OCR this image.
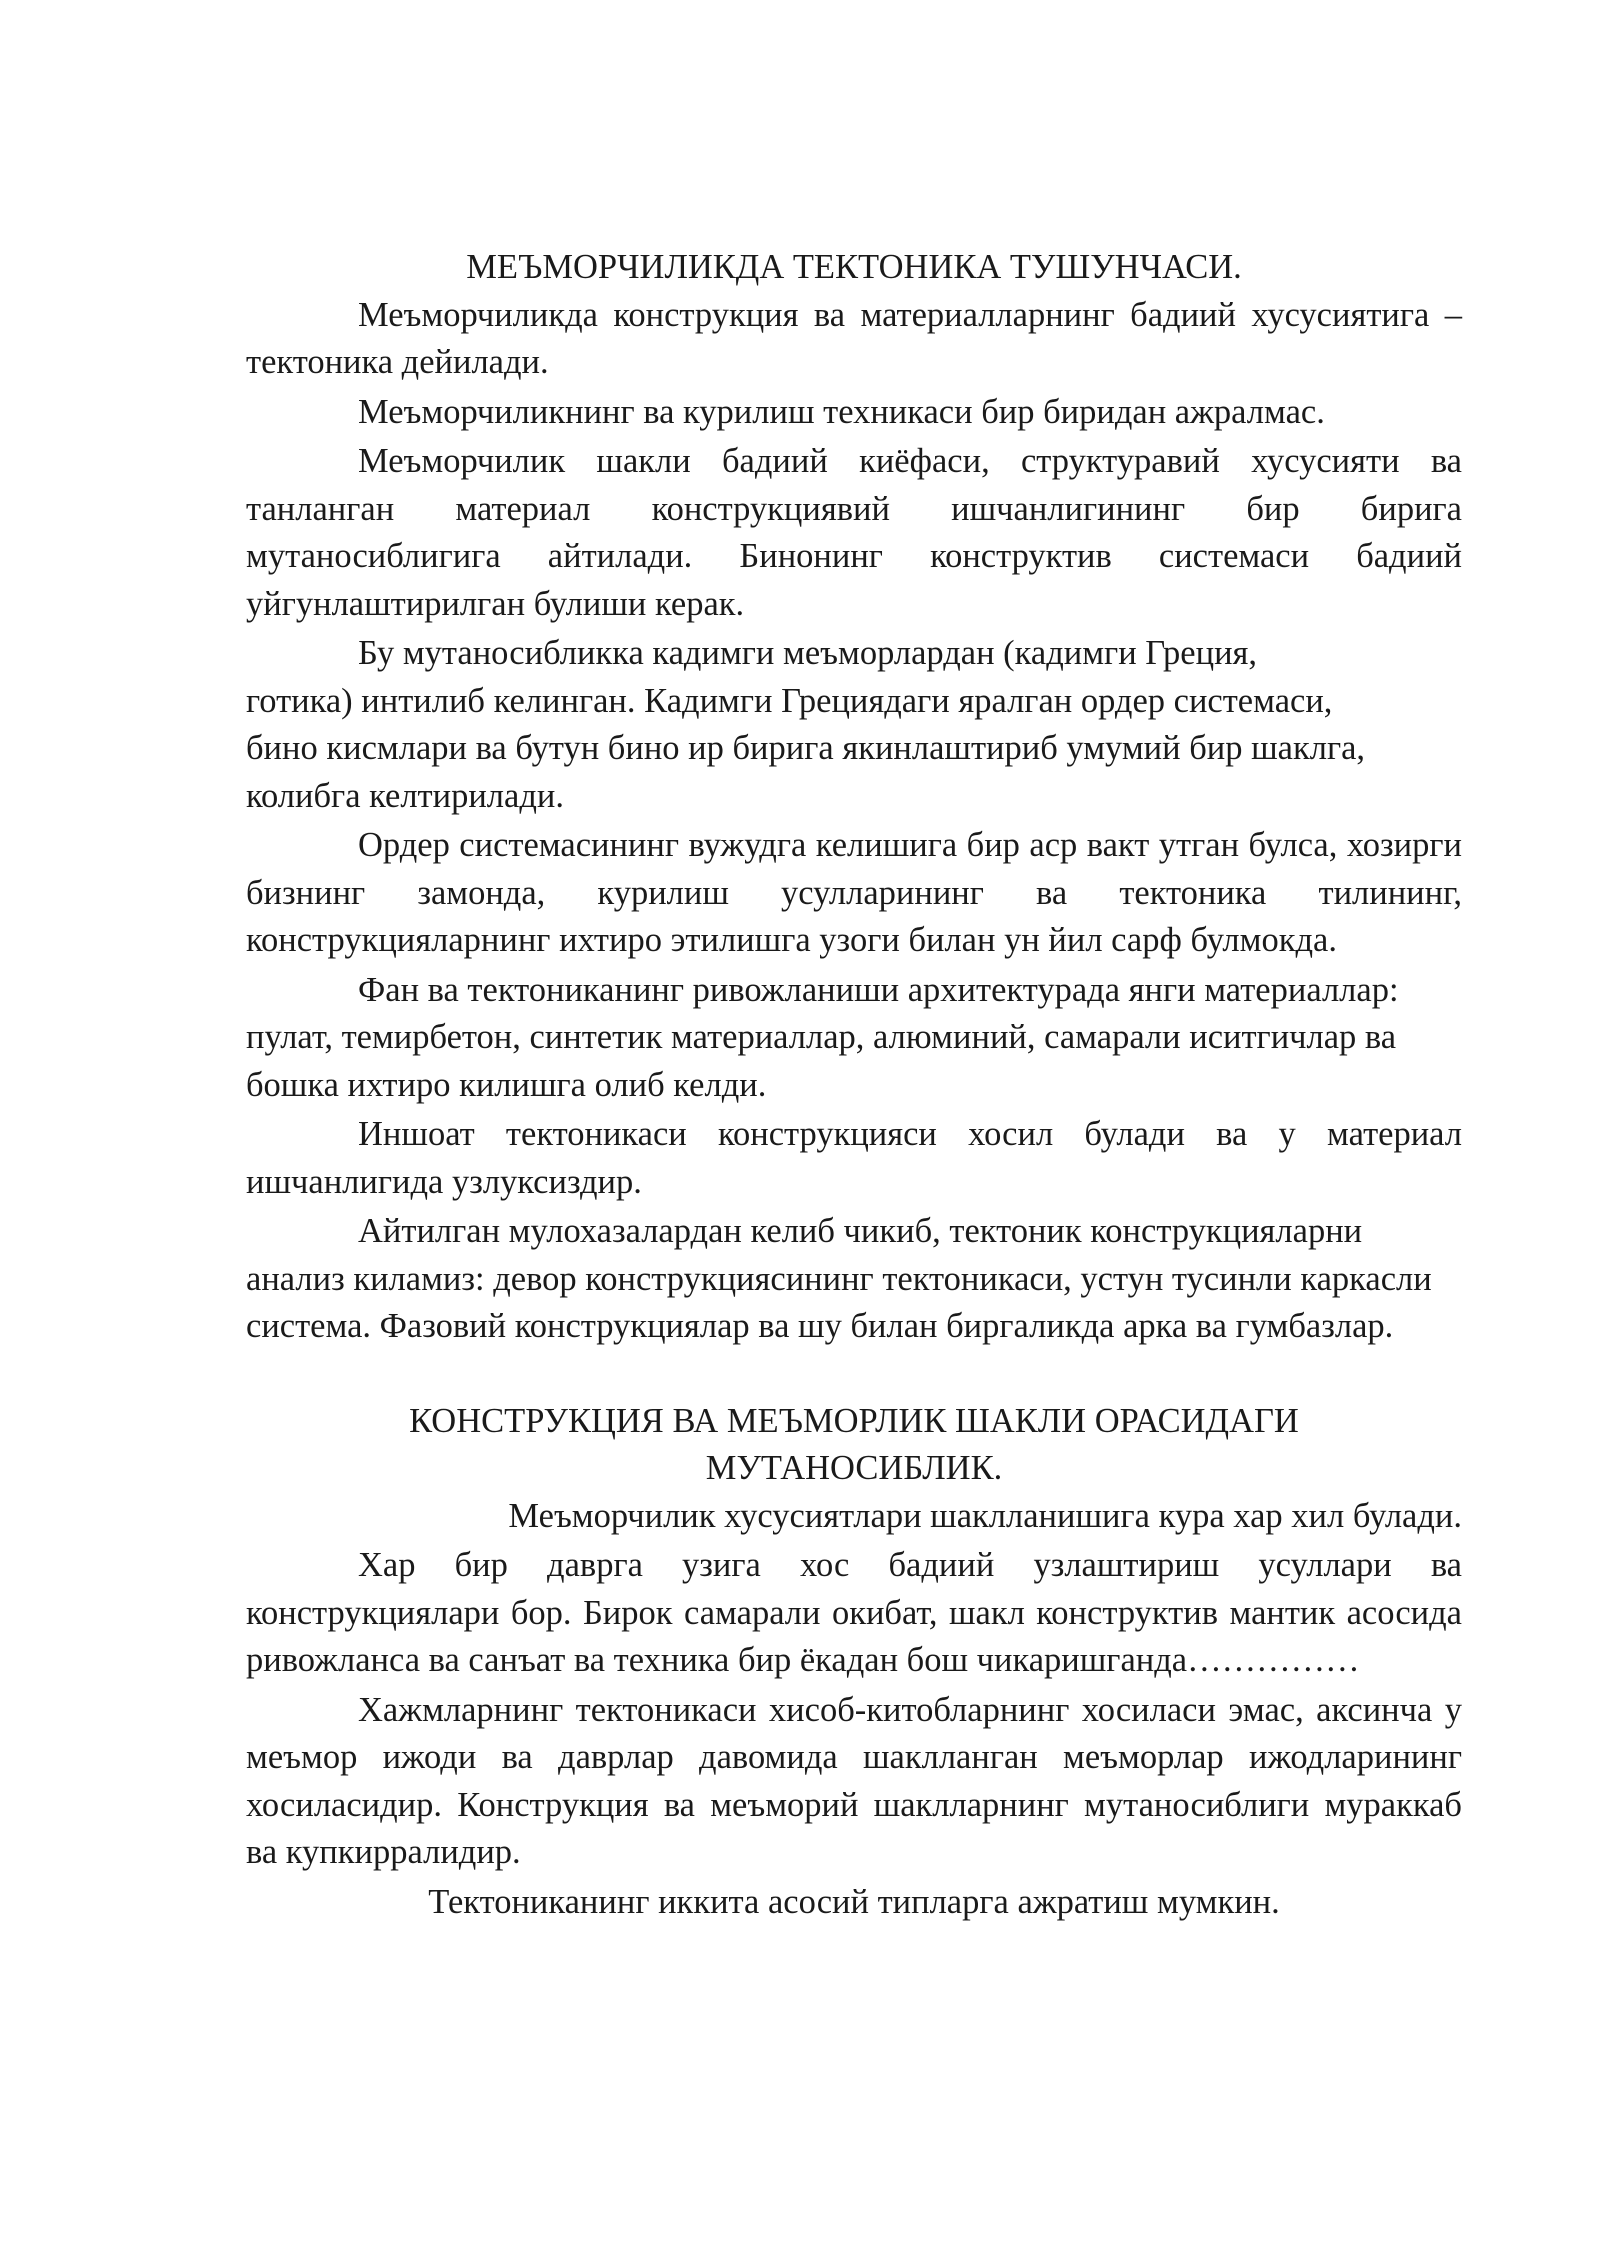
МЕЪМОРЧИЛИКДА ТЕКТОНИКА ТУШУНЧАСИ.

Меъморчиликда конструкция ва материалларнинг бадиий хусусиятига – тектоника дейилади.

Меъморчиликнинг ва курилиш техникаси бир биридан ажралмас.

Меъморчилик шакли бадиий киёфаси, структуравий хусусияти ва танланган материал конструкциявий ишчанлигининг бир бирига мутаносиблигига айтилади. Бинонинг конструктив системаси бадиий уйгунлаштирилган булиши керак.

Бу мутаносибликка кадимги меъморлардан (кадимги Греция, готика) интилиб келинган. Кадимги Грециядаги яралган ордер системаси, бино кисмлари ва бутун бино ир бирига якинлаштириб умумий бир шаклга, колибга келтирилади.

Ордер системасининг вужудга келишига бир аср вакт утган булса, хозирги бизнинг замонда, курилиш усулларининг ва тектоника тилининг, конструкцияларнинг ихтиро этилишга узоги билан ун йил сарф булмокда.

Фан ва тектониканинг ривожланиши архитектурада янги материаллар: пулат, темирбетон, синтетик материаллар, алюминий, самарали иситгичлар ва бошка ихтиро килишга олиб келди.

Иншоат тектоникаси конструкцияси хосил булади ва у материал ишчанлигида узлуксиздир.

Айтилган мулохазалардан келиб чикиб, тектоник конструкцияларни анализ киламиз: девор конструкциясининг тектоникаси, устун тусинли каркасли система. Фазовий конструкциялар ва шу билан биргаликда арка ва гумбазлар.

КОНСТРУКЦИЯ ВА МЕЪМОРЛИК ШАКЛИ ОРАСИДАГИ
МУТАНОСИБЛИК.

Меъморчилик хусусиятлари шаклланишига кура хар хил булади.

Хар бир даврга узига хос бадиий узлаштириш усуллари ва конструкциялари бор. Бирок самарали окибат, шакл конструктив мантик асосида ривожланса ва санъат ва техника бир ёкадан бош чикаришганда……………

Хажмларнинг тектоникаси хисоб-китобларнинг хосиласи эмас, аксинча у меъмор ижоди ва даврлар давомида шаклланган меъморлар ижодларининг хосиласидир. Конструкция ва меъморий шаклларнинг мутаносиблиги мураккаб ва купкирралидир.

Тектониканинг иккита асосий типларга ажратиш мумкин.
